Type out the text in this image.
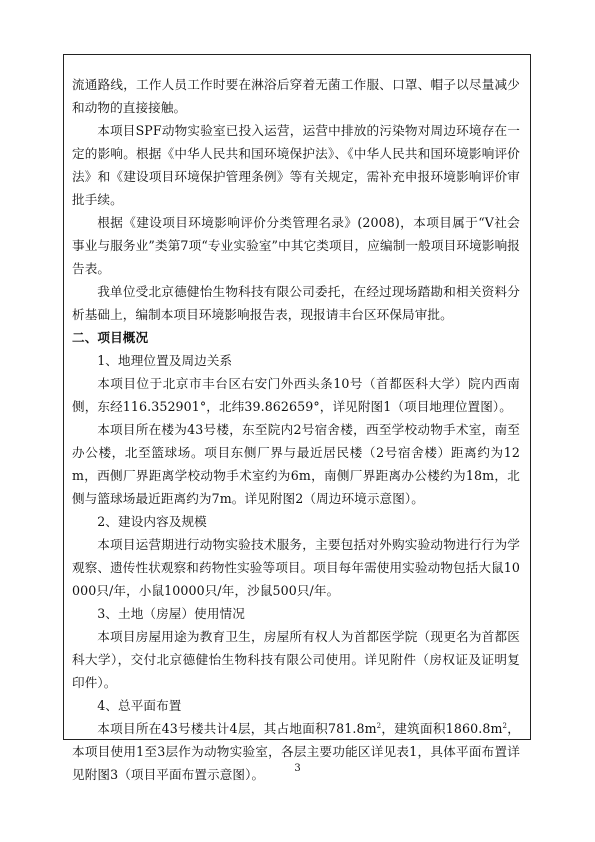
流通路线，工作人员工作时要在淋浴后穿着无菌工作服、口罩、帽子以尽量减少和动物的直接接触。

本项目SPF动物实验室已投入运营，运营中排放的污染物对周边环境存在一定的影响。根据《中华人民共和国环境保护法》、《中华人民共和国环境影响评价法》和《建设项目环境保护管理条例》等有关规定，需补充申报环境影响评价审批手续。

根据《建设项目环境影响评价分类管理名录》(2008)，本项目属于“V社会事业与服务业”类第7项“专业实验室”中其它类项目，应编制一般项目环境影响报告表。

我单位受北京德健怡生物科技有限公司委托，在经过现场踏勘和相关资料分析基础上，编制本项目环境影响报告表，现报请丰台区环保局审批。

二、项目概况

1、地理位置及周边关系

本项目位于北京市丰台区右安门外西头条10号（首都医科大学）院内西南侧，东经116.352901°，北纬39.862659°，详见附图1（项目地理位置图）。

本项目所在楼为43号楼，东至院内2号宿舍楼，西至学校动物手术室，南至办公楼，北至篮球场。项目东侧厂界与最近居民楼（2号宿舍楼）距离约为12m，西侧厂界距离学校动物手术室约为6m，南侧厂界距离办公楼约为18m，北侧与篮球场最近距离约为7m。详见附图2（周边环境示意图）。

2、建设内容及规模

本项目运营期进行动物实验技术服务，主要包括对外购实验动物进行行为学观察、遗传性状观察和药物性实验等项目。项目每年需使用实验动物包括大鼠10000只/年，小鼠10000只/年，沙鼠500只/年。

3、土地（房屋）使用情况

本项目房屋用途为教育卫生，房屋所有权人为首都医学院（现更名为首都医科大学），交付北京德健怡生物科技有限公司使用。详见附件（房权证及证明复印件）。

4、总平面布置

本项目所在43号楼共计4层，其占地面积$781.8m^2$，建筑面积$1860.8m^2$，本项目使用1至3层作为动物实验室，各层主要功能区详见表1，具体平面布置详见附图3（项目平面布置示意图）。	3
